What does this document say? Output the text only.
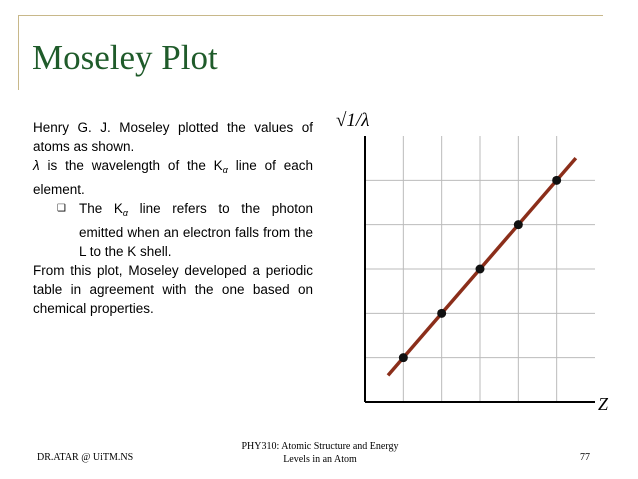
Moseley Plot

Henry G. J. Moseley plotted the values of atoms as shown.

λ is the wavelength of the $K_\alpha$ line of each element.

❑ The $K_\alpha$ line refers to the photon emitted when an electron falls from the L to the K shell.

From this plot, Moseley developed a periodic table in agreement with the one based on chemical properties.

√1/λ
Z
DR.ATAR @ UiTM.NS
PHY310: Atomic Structure and Energy
Levels in an Atom	77
